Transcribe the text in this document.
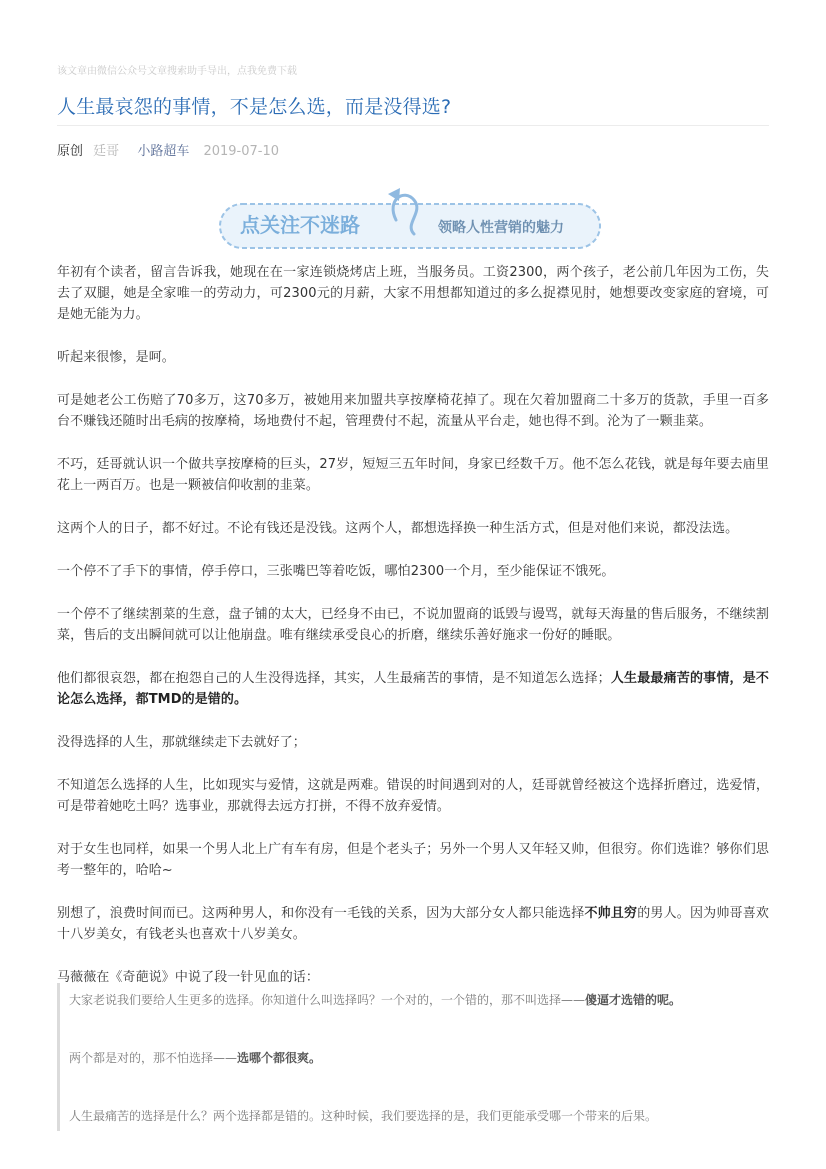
该文章由微信公众号文章搜索助手导出，点我免费下载
人生最哀怨的事情，不是怎么选，而是没得选?
原创 廷哥 小路超车 2019-07-10
点关注不迷路	领略人性营销的魅力

年初有个读者，留言告诉我，她现在在一家连锁烧烤店上班，当服务员。工资2300，两个孩子，老公前几年因为工伤，失去了双腿，她是全家唯一的劳动力，可2300元的月薪，大家不用想都知道过的多么捉襟见肘，她想要改变家庭的窘境，可是她无能为力。

听起来很惨，是呵。

可是她老公工伤赔了70多万，这70多万，被她用来加盟共享按摩椅花掉了。现在欠着加盟商二十多万的货款，手里一百多台不赚钱还随时出毛病的按摩椅，场地费付不起，管理费付不起，流量从平台走，她也得不到。沦为了一颗韭菜。

不巧，廷哥就认识一个做共享按摩椅的巨头，27岁，短短三五年时间，身家已经数千万。他不怎么花钱，就是每年要去庙里花上一两百万。也是一颗被信仰收割的韭菜。

这两个人的日子，都不好过。不论有钱还是没钱。这两个人，都想选择换一种生活方式，但是对他们来说，都没法选。

一个停不了手下的事情，停手停口，三张嘴巴等着吃饭，哪怕2300一个月，至少能保证不饿死。

一个停不了继续割菜的生意，盘子铺的太大，已经身不由已，不说加盟商的诋毁与谩骂，就每天海量的售后服务，不继续割菜，售后的支出瞬间就可以让他崩盘。唯有继续承受良心的折磨，继续乐善好施求一份好的睡眠。

他们都很哀怨，都在抱怨自己的人生没得选择，其实，人生最痛苦的事情，是不知道怎么选择；人生最最痛苦的事情，是不论怎么选择，都TMD的是错的。

没得选择的人生，那就继续走下去就好了；

不知道怎么选择的人生，比如现实与爱情，这就是两难。错误的时间遇到对的人，廷哥就曾经被这个选择折磨过，选爱情，可是带着她吃土吗？选事业，那就得去远方打拼，不得不放弃爱情。

对于女生也同样，如果一个男人北上广有车有房，但是个老头子；另外一个男人又年轻又帅，但很穷。你们选谁？够你们思考一整年的，哈哈~

别想了，浪费时间而已。这两种男人，和你没有一毛钱的关系，因为大部分女人都只能选择不帅且穷的男人。因为帅哥喜欢十八岁美女，有钱老头也喜欢十八岁美女。

马薇薇在《奇葩说》中说了段一针见血的话：

大家老说我们要给人生更多的选择。你知道什么叫选择吗？一个对的，一个错的，那不叫选择——傻逼才选错的呢。

两个都是对的，那不怕选择——选哪个都很爽。

人生最痛苦的选择是什么？两个选择都是错的。这种时候，我们要选择的是，我们更能承受哪一个带来的后果。
